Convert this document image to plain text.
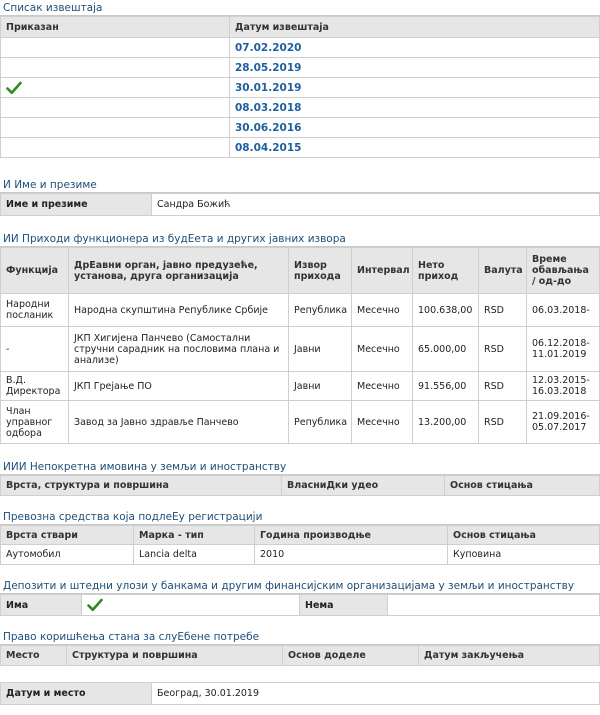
Списак извештаја
Приказан	Датум извештаја
	07.02.2020
	28.05.2019
	30.01.2019
	08.03.2018
	30.06.2016
	08.04.2015
И Име и презиме
Име и презиме	Сандра Божић
ИИ Приходи функционера из будЕета и других јавних извора
Функција	ДрЕавни орган, јавно предузеће, установа, друга организација	Извор прихода	Интервал	Нето приход	Валута	Време обављања / од-до
Народни посланик	Народна скупштина Републике Србије	Република	Месечно	100.638,00	RSD	06.03.2018-
-	ЈКП Хигијена Панчево (Самостални стручни сарадник на пословима плана и анализе)	Јавни	Месечно	65.000,00	RSD	06.12.2018-11.01.2019
В.Д. Директора	ЈКП Грејање ПО	Јавни	Месечно	91.556,00	RSD	12.03.2015-16.03.2018
Члан управног одбора	Завод за Јавно здравље Панчево	Република	Месечно	13.200,00	RSD	21.09.2016-05.07.2017
ИИИ Непокретна имовина у земљи и иностранству
Врста, структура и површина	ВласниДки удео	Основ стицања
Превозна средства која подлеЕу регистрацији
Врста ствари	Марка - тип	Година производње	Основ стицања
Аутомобил	Lancia delta	2010	Куповина
Депозити и штедни улози у банкама и другим финансијским организацијама у земљи и иностранству
Има		Нема	
Право коришћења стана за слуЕбене потребе
Место	Структура и површина	Основ доделе	Датум закључења
Датум и место	Београд, 30.01.2019
